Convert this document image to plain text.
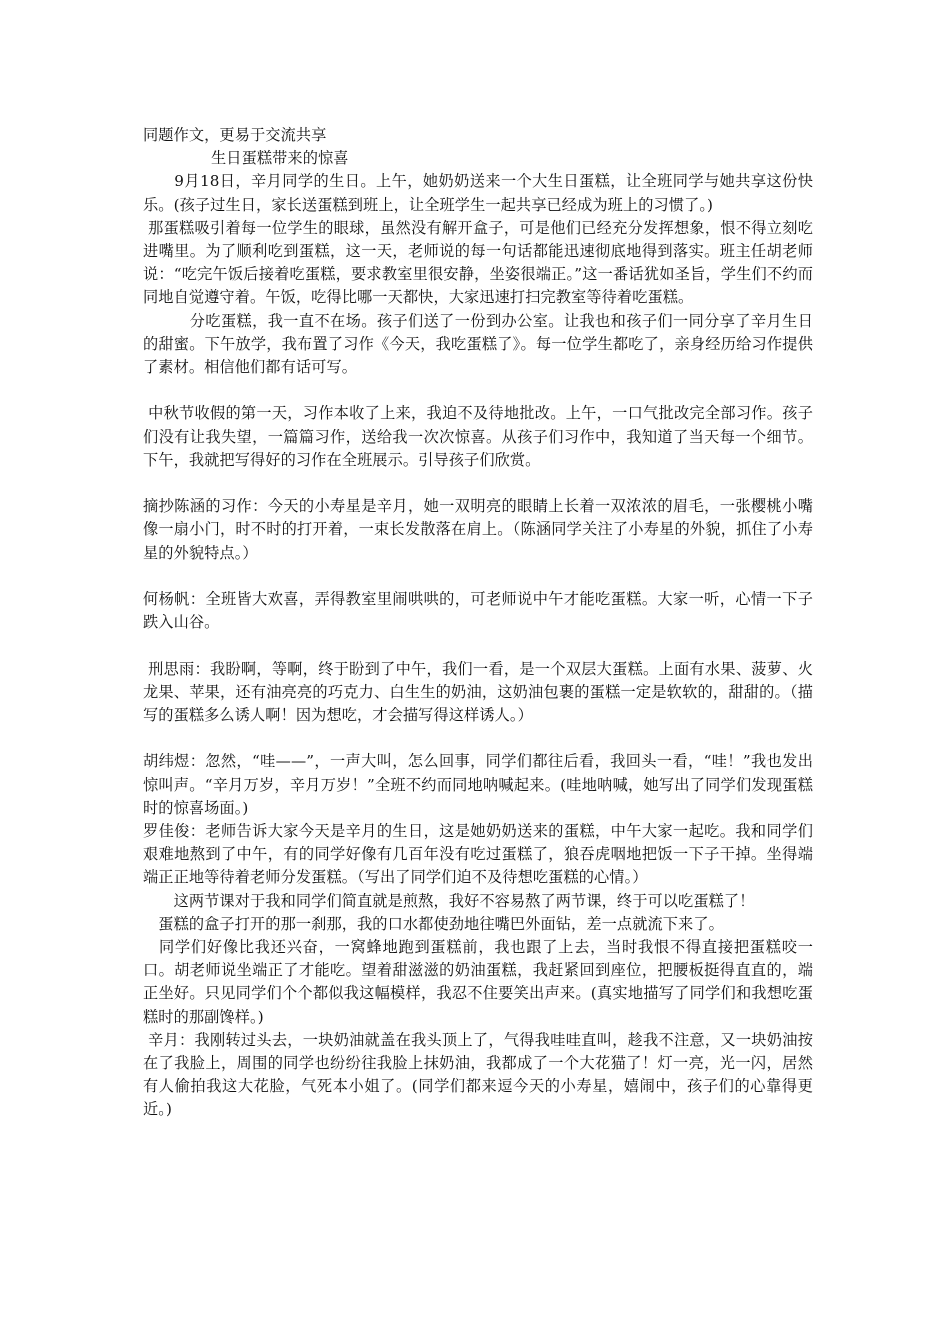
同题作文，更易于交流共享

生日蛋糕带来的惊喜

　　9月18日，辛月同学的生日。上午，她奶奶送来一个大生日蛋糕，让全班同学与她共享这份快乐。(孩子过生日，家长送蛋糕到班上，让全班学生一起共享已经成为班上的习惯了。)

那蛋糕吸引着每一位学生的眼球，虽然没有解开盒子，可是他们已经充分发挥想象，恨不得立刻吃进嘴里。为了顺利吃到蛋糕，这一天，老师说的每一句话都能迅速彻底地得到落实。班主任胡老师说：“吃完午饭后接着吃蛋糕，要求教室里很安静，坐姿很端正。”这一番话犹如圣旨，学生们不约而同地自觉遵守着。午饭，吃得比哪一天都快，大家迅速打扫完教室等待着吃蛋糕。

　　　分吃蛋糕，我一直不在场。孩子们送了一份到办公室。让我也和孩子们一同分享了辛月生日的甜蜜。下午放学，我布置了习作《今天，我吃蛋糕了》。每一位学生都吃了，亲身经历给习作提供了素材。相信他们都有话可写。

中秋节收假的第一天，习作本收了上来，我迫不及待地批改。上午，一口气批改完全部习作。孩子们没有让我失望，一篇篇习作，送给我一次次惊喜。从孩子们习作中，我知道了当天每一个细节。下午，我就把写得好的习作在全班展示。引导孩子们欣赏。

摘抄陈涵的习作：今天的小寿星是辛月，她一双明亮的眼睛上长着一双浓浓的眉毛，一张樱桃小嘴像一扇小门，时不时的打开着，一束长发散落在肩上。（陈涵同学关注了小寿星的外貌，抓住了小寿星的外貌特点。）

何杨帆：全班皆大欢喜，弄得教室里闹哄哄的，可老师说中午才能吃蛋糕。大家一听，心情一下子跌入山谷。

刑思雨：我盼啊，等啊，终于盼到了中午，我们一看，是一个双层大蛋糕。上面有水果、菠萝、火龙果、苹果，还有油亮亮的巧克力、白生生的奶油，这奶油包裹的蛋糕一定是软软的，甜甜的。（描写的蛋糕多么诱人啊！因为想吃，才会描写得这样诱人。）

胡纬煜：忽然，“哇——”，一声大叫，怎么回事，同学们都往后看，我回头一看，“哇！”我也发出惊叫声。“辛月万岁，辛月万岁！”全班不约而同地呐喊起来。(哇地呐喊，她写出了同学们发现蛋糕时的惊喜场面。)

罗佳俊：老师告诉大家今天是辛月的生日，这是她奶奶送来的蛋糕，中午大家一起吃。我和同学们艰难地熬到了中午，有的同学好像有几百年没有吃过蛋糕了，狼吞虎咽地把饭一下子干掉。坐得端端正正地等待着老师分发蛋糕。（写出了同学们迫不及待想吃蛋糕的心情。）

　　这两节课对于我和同学们简直就是煎熬，我好不容易熬了两节课，终于可以吃蛋糕了！

　蛋糕的盒子打开的那一刹那，我的口水都使劲地往嘴巴外面钻，差一点就流下来了。

　同学们好像比我还兴奋，一窝蜂地跑到蛋糕前，我也跟了上去，当时我恨不得直接把蛋糕咬一口。胡老师说坐端正了才能吃。望着甜滋滋的奶油蛋糕，我赶紧回到座位，把腰板挺得直直的，端正坐好。只见同学们个个都似我这幅模样，我忍不住要笑出声来。(真实地描写了同学们和我想吃蛋糕时的那副馋样。)

辛月：我刚转过头去，一块奶油就盖在我头顶上了，气得我哇哇直叫，趁我不注意，又一块奶油按在了我脸上，周围的同学也纷纷往我脸上抹奶油，我都成了一个大花猫了！灯一亮，光一闪，居然有人偷拍我这大花脸，气死本小姐了。(同学们都来逗今天的小寿星，嬉闹中，孩子们的心靠得更近。)
